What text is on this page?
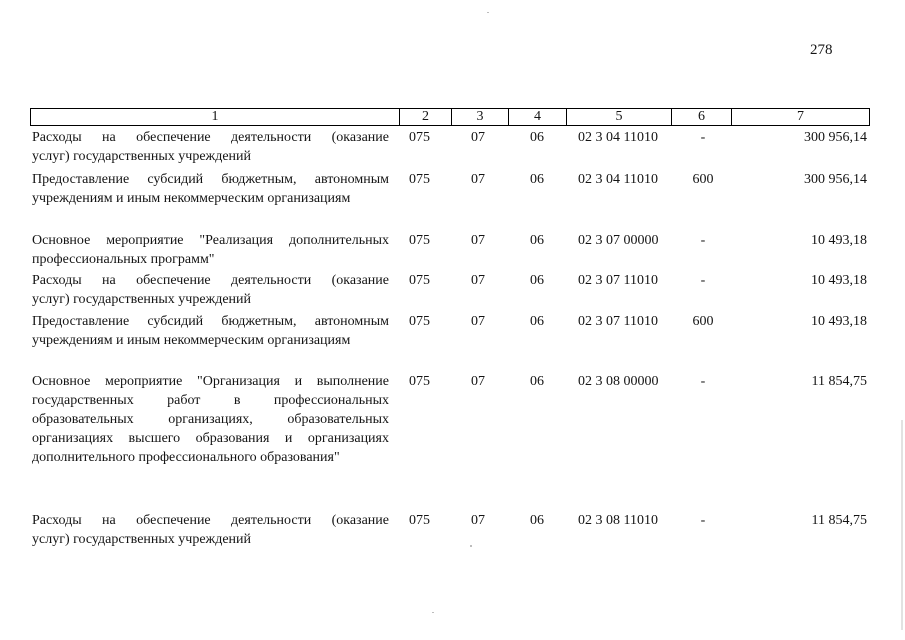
278
1	2	3	4	5	6	7
Расходы на обеспечение деятельности (оказание
услуг) государственных учреждений
075	07	06	02 3 04 11010	-	300 956,14
Предоставление субсидий бюджетным, автономным
учреждениям и иным некоммерческим организациям
075	07	06	02 3 04 11010	600	300 956,14
Основное мероприятие "Реализация дополнительных
профессиональных программ"
075	07	06	02 3 07 00000	-	10 493,18
Расходы на обеспечение деятельности (оказание
услуг) государственных учреждений
075	07	06	02 3 07 11010	-	10 493,18
Предоставление субсидий бюджетным, автономным
учреждениям и иным некоммерческим организациям
075	07	06	02 3 07 11010	600	10 493,18
Основное мероприятие "Организация и выполнение
государственных работ в профессиональных
образовательных организациях, образовательных
организациях высшего образования и организациях
дополнительного профессионального образования"
075	07	06	02 3 08 00000	-	11 854,75
Расходы на обеспечение деятельности (оказание
услуг) государственных учреждений
075	07	06	02 3 08 11010	-	11 854,75
